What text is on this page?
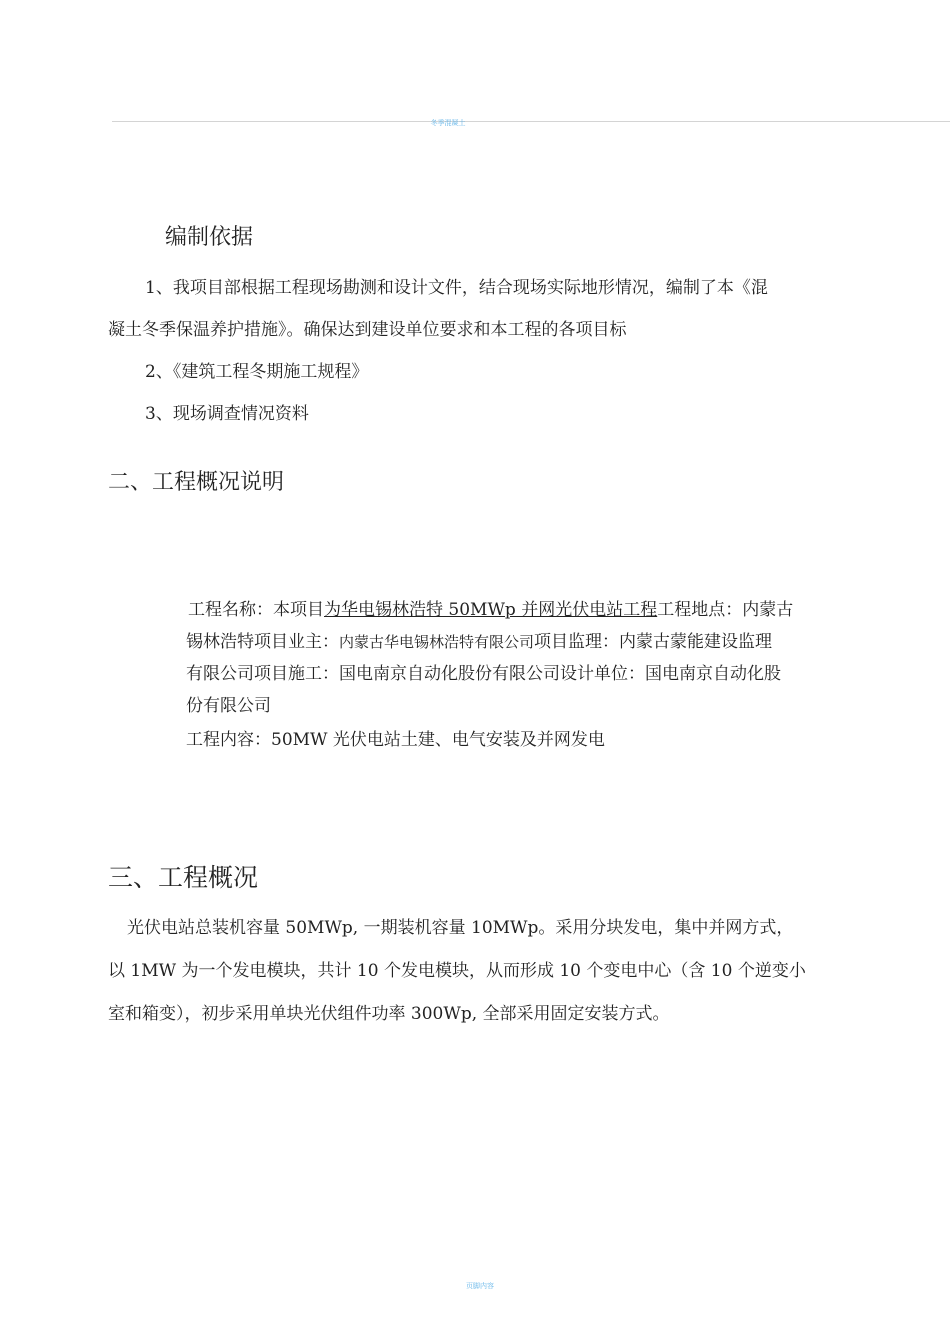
冬季混凝土
编制依据
1、我项目部根据工程现场勘测和设计文件，结合现场实际地形情况，编制了本《混
凝土冬季保温养护措施》。确保达到建设单位要求和本工程的各项目标
2、《建筑工程冬期施工规程》
3、现场调查情况资料
二、工程概况说明
工程名称：本项目为华电锡林浩特 50MWp 并网光伏电站工程工程地点：内蒙古
锡林浩特项目业主：内蒙古华电锡林浩特有限公司项目监理：内蒙古蒙能建设监理
有限公司项目施工：国电南京自动化股份有限公司设计单位：国电南京自动化股
份有限公司
工程内容：50MW 光伏电站土建、电气安装及并网发电
三、工程概况
光伏电站总装机容量 50MWp, 一期装机容量 10MWp。采用分块发电，集中并网方式，
以 1MW 为一个发电模块，共计 10 个发电模块，从而形成 10 个变电中心（含 10 个逆变小
室和箱变），初步采用单块光伏组件功率 300Wp, 全部采用固定安装方式。
页脚内容
